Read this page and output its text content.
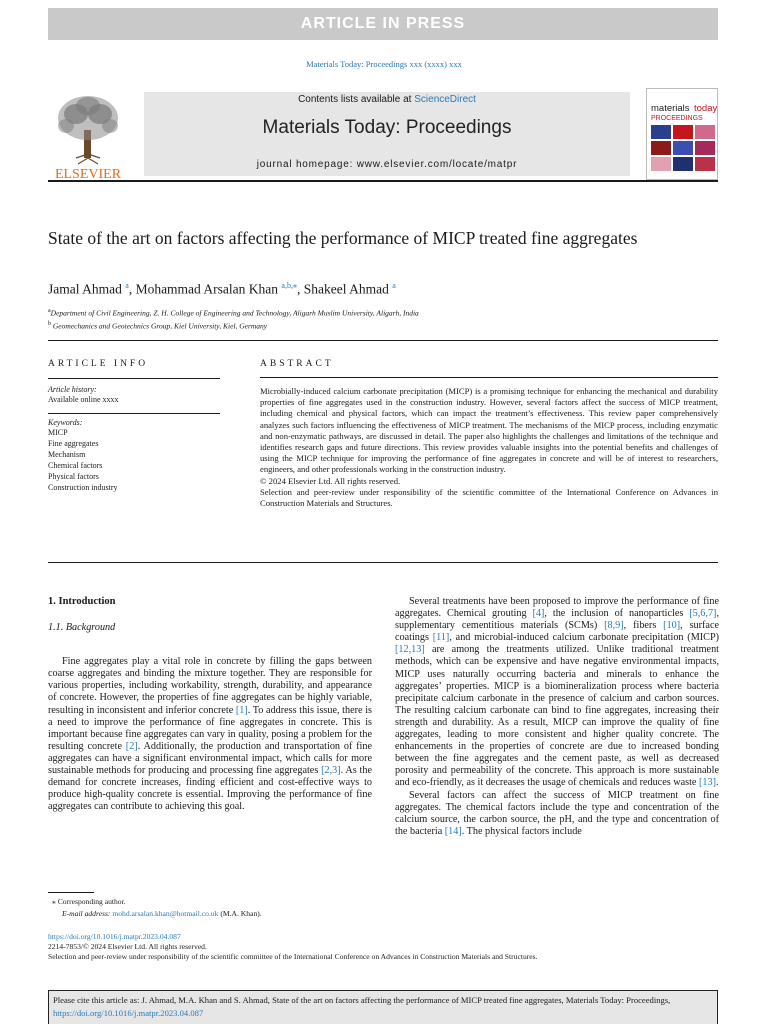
ARTICLE IN PRESS
Materials Today: Proceedings xxx (xxxx) xxx
ELSEVIER
Contents lists available at ScienceDirect
Materials Today: Proceedings
journal homepage: www.elsevier.com/locate/matpr
materials today
PROCEEDINGS
State of the art on factors affecting the performance of MICP treated fine aggregates
Jamal Ahmad $^a$, Mohammad Arsalan Khan $^{a,b,⁎}$, Shakeel Ahmad $^a$
$^a$Department of Civil Engineering, Z. H. College of Engineering and Technology, Aligarh Muslim University, Aligarh, India
$^b$ Geomechanics and Geotechnics Group, Kiel University, Kiel, Germany
ARTICLE INFO
Article history:
Available online xxxx
Keywords:
MICP
Fine aggregates
Mechanism
Chemical factors
Physical factors
Construction industry
ABSTRACT
Microbially-induced calcium carbonate precipitation (MICP) is a promising technique for enhancing the mechanical and durability properties of fine aggregates used in the construction industry. However, several factors affect the success of MICP treatment, including chemical and physical factors, which can impact the treatment’s effectiveness. This review paper comprehensively analyzes such factors influencing the effectiveness of MICP treatment. The mechanisms of the MICP process, including enzymatic and non-enzymatic pathways, are discussed in detail. The paper also highlights the challenges and limitations of the technique and identifies research gaps and future directions. This review provides valuable insights into the potential benefits and challenges of using the MICP technique for improving the performance of fine aggregates in concrete and will be of interest to researchers, engineers, and other professionals working in the construction industry.
© 2024 Elsevier Ltd. All rights reserved.
Selection and peer-review under responsibility of the scientific committee of the International Conference on Advances in Construction Materials and Structures.
1. Introduction
1.1. Background

Fine aggregates play a vital role in concrete by filling the gaps between coarse aggregates and binding the mixture together. They are responsible for various properties, including workability, strength, durability, and appearance of concrete. However, the properties of fine aggregates can be highly variable, resulting in inconsistent and inferior concrete [1]. To address this issue, there is a need to improve the performance of fine aggregates in concrete. This is important because fine aggregates can vary in quality, posing a problem for the resulting concrete [2]. Additionally, the production and transportation of fine aggregates can have a significant environmental impact, which calls for more sustainable methods for producing and processing fine aggregates [2,3]. As the demand for concrete increases, finding efficient and cost-effective ways to produce high-quality concrete is essential. Improving the performance of fine aggregates can contribute to achieving this goal.

Several treatments have been proposed to improve the performance of fine aggregates. Chemical grouting [4], the inclusion of nanoparticles [5,6,7], supplementary cementitious materials (SCMs) [8,9], fibers [10], surface coatings [11], and microbial-induced calcium carbonate precipitation (MICP) [12,13] are among the treatments utilized. Unlike traditional treatment methods, which can be expensive and have negative environmental impacts, MICP uses naturally occurring bacteria and minerals to enhance the aggregates’ properties. MICP is a biomineralization process where bacteria precipitate calcium carbonate in the presence of calcium and carbon sources. The resulting calcium carbonate can bind to fine aggregates, increasing their strength and durability. As a result, MICP can improve the quality of fine aggregates, leading to more consistent and higher quality concrete. The enhancements in the properties of concrete are due to increased bonding between the fine aggregates and the cement paste, as well as decreased porosity and permeability of the concrete. This approach is more sustainable and eco-friendly, as it decreases the usage of chemicals and reduces waste [13].

Several factors can affect the success of MICP treatment on fine aggregates. The chemical factors include the type and concentration of the calcium source, the carbon source, the pH, and the type and concentration of the bacteria [14]. The physical factors include

⁎ Corresponding author.
E-mail address: mohd.arsalan.khan@hotmail.co.uk (M.A. Khan).
https://doi.org/10.1016/j.matpr.2023.04.087
2214-7853/© 2024 Elsevier Ltd. All rights reserved.
Selection and peer-review under responsibility of the scientific committee of the International Conference on Advances in Construction Materials and Structures.
Please cite this article as: J. Ahmad, M.A. Khan and S. Ahmad, State of the art on factors affecting the performance of MICP treated fine aggregates, Materials Today: Proceedings, https://doi.org/10.1016/j.matpr.2023.04.087
